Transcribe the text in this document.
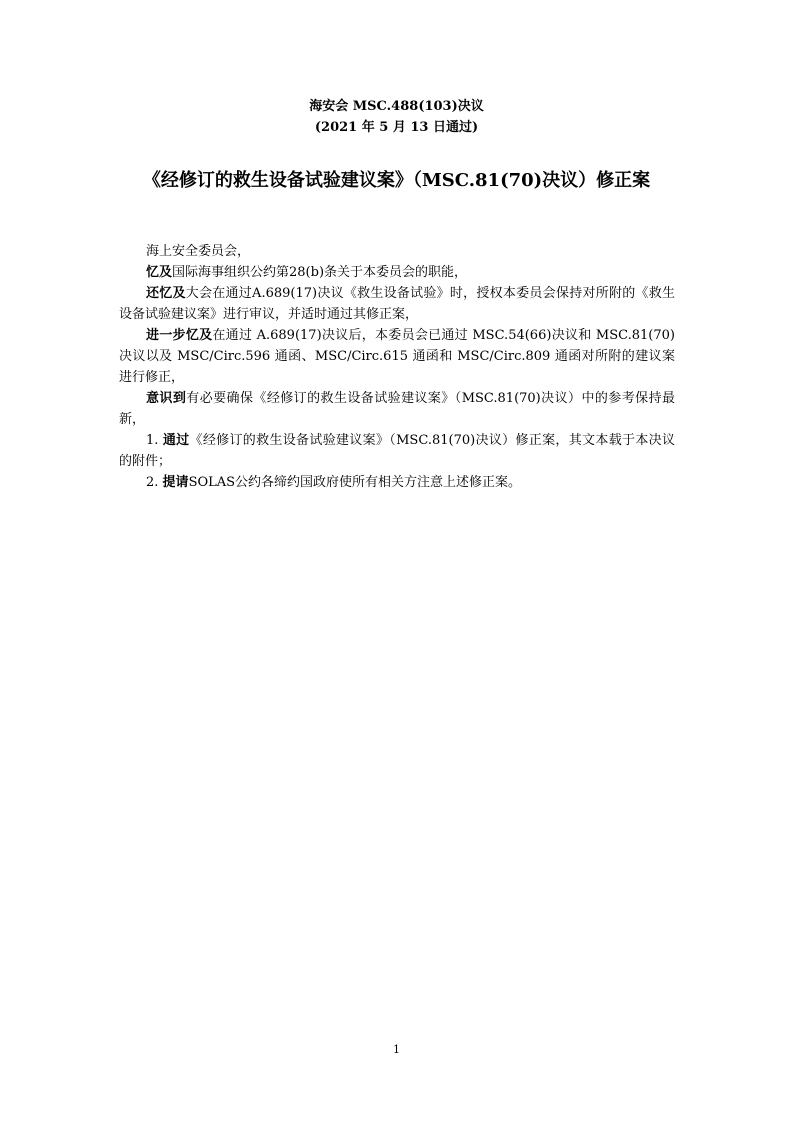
海安会 MSC.488(103)决议
(2021 年 5 月 13 日通过)
《经修订的救生设备试验建议案》（MSC.81(70)决议）修正案

海上安全委员会，

忆及国际海事组织公约第28(b)条关于本委员会的职能，

还忆及大会在通过A.689(17)决议《救生设备试验》时，授权本委员会保持对所附的《救生设备试验建议案》进行审议，并适时通过其修正案，

进一步忆及在通过 A.689(17)决议后，本委员会已通过 MSC.54(66)决议和 MSC.81(70)决议以及 MSC/Circ.596 通函、MSC/Circ.615 通函和 MSC/Circ.809 通函对所附的建议案进行修正，

意识到有必要确保《经修订的救生设备试验建议案》（MSC.81(70)决议）中的参考保持最新，

1. 通过《经修订的救生设备试验建议案》（MSC.81(70)决议）修正案，其文本载于本决议的附件；

2. 提请SOLAS公约各缔约国政府使所有相关方注意上述修正案。

1
